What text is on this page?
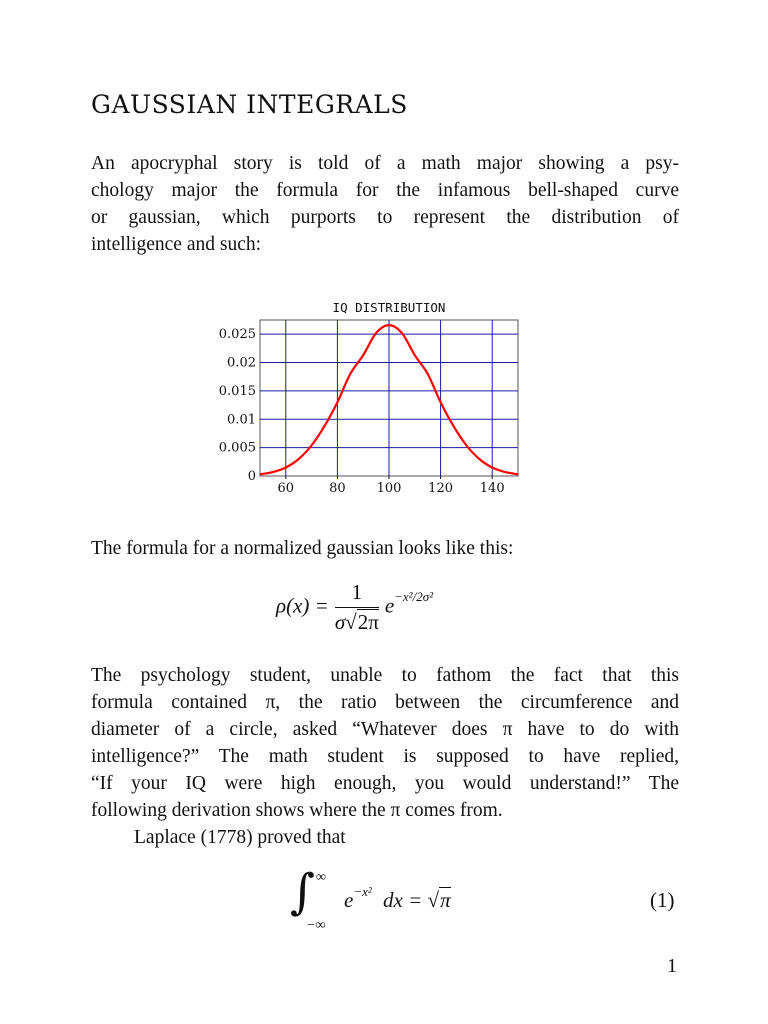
GAUSSIAN INTEGRALS

An apocryphal story is told of a math major showing a psy-
chology major the formula for the infamous bell-shaped curve
or gaussian, which purports to represent the distribution of
intelligence and such:

IQ DISTRIBUTION
60	80 100 120 140
0
0.005
0.01
0.015
0.02
0.025

The formula for a normalized gaussian looks like this:

$\rho(x) = \frac{1}{\sigma√2\pi} e^{-x^2/2\sigma^2}$

The psychology student, unable to fathom the fact that this
formula contained π, the ratio between the circumference and
diameter of a circle, asked “Whatever does π have to do with
intelligence?” The math student is supposed to have replied,
“If your IQ were high enough, you would understand!” The
following derivation shows where the π comes from.
Laplace (1778) proved that

∫ ∞
−∞
$e^{-x^2}$ dx = √π	(1)
1
